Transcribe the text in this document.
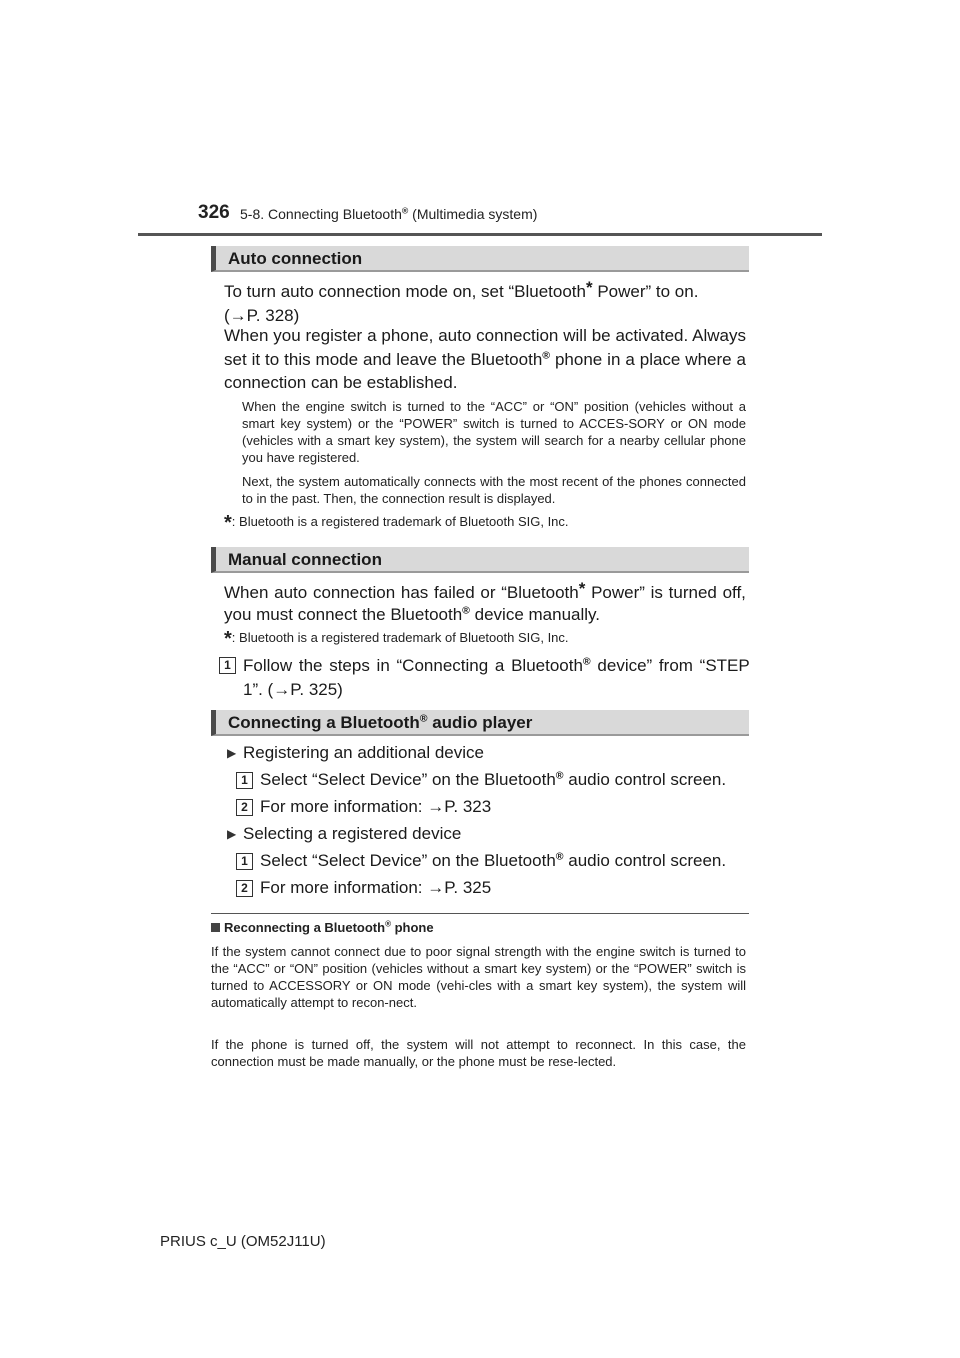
326 5-8. Connecting Bluetooth® (Multimedia system)
Auto connection
To turn auto connection mode on, set “Bluetooth* Power” to on.
(→P. 328)
When you register a phone, auto connection will be activated. Always set it to this mode and leave the Bluetooth® phone in a place where a connection can be established.
When the engine switch is turned to the “ACC” or “ON” position (vehicles without a smart key system) or the “POWER” switch is turned to ACCES-SORY or ON mode (vehicles with a smart key system), the system will search for a nearby cellular phone you have registered.
Next, the system automatically connects with the most recent of the phones connected to in the past. Then, the connection result is displayed.
*: Bluetooth is a registered trademark of Bluetooth SIG, Inc.
Manual connection
When auto connection has failed or “Bluetooth* Power” is turned off,
you must connect the Bluetooth® device manually.
*: Bluetooth is a registered trademark of Bluetooth SIG, Inc.
1 Follow the steps in “Connecting a Bluetooth® device” from “STEP
1”. (→P. 325)
Connecting a Bluetooth® audio player
▶ Registering an additional device
1 Select “Select Device” on the Bluetooth® audio control screen.
2 For more information: →P. 323
▶ Selecting a registered device
1 Select “Select Device” on the Bluetooth® audio control screen.
2 For more information: →P. 325
Reconnecting a Bluetooth® phone
If the system cannot connect due to poor signal strength with the engine switch is turned to the “ACC” or “ON” position (vehicles without a smart key system) or the “POWER” switch is turned to ACCESSORY or ON mode (vehi-cles with a smart key system), the system will automatically attempt to recon-nect.
If the phone is turned off, the system will not attempt to reconnect. In this case, the connection must be made manually, or the phone must be rese-lected.
PRIUS c_U (OM52J11U)
